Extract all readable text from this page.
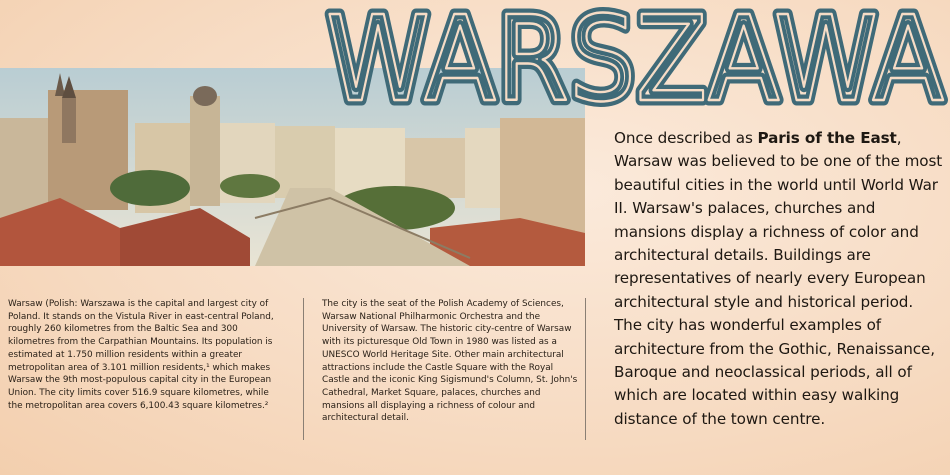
WARSZAWA
WARSZAWA
Once described as Paris of the East, Warsaw was believed to be one of the most beautiful cities in the world until World War II. Warsaw's palaces, churches and mansions display a richness of color and architectural details. Buildings are representatives of nearly every European architectural style and historical period. The city has wonderful examples of architecture from the Gothic, Renaissance, Baroque and neoclassical periods, all of which are located within easy walking distance of the town centre.
Warsaw (Polish: Warszawa is the capital and largest city of Poland. It stands on the Vistula River in east-central Poland, roughly 260 kilometres from the Baltic Sea and 300 kilometres from the Carpathian Mountains. Its population is estimated at 1.750 million residents within a greater metropolitan area of 3.101 million residents,¹ which makes Warsaw the 9th most-populous capital city in the European Union. The city limits cover 516.9 square kilometres, while the metropolitan area covers 6,100.43 square kilometres.²
The city is the seat of the Polish Academy of Sciences, Warsaw National Philharmonic Orchestra and the University of Warsaw. The historic city-centre of Warsaw with its picturesque Old Town in 1980 was listed as a UNESCO World Heritage Site. Other main architectural attractions include the Castle Square with the Royal Castle and the iconic King Sigismund's Column, St. John's Cathedral, Market Square, palaces, churches and mansions all displaying a richness of colour and architectural detail.
